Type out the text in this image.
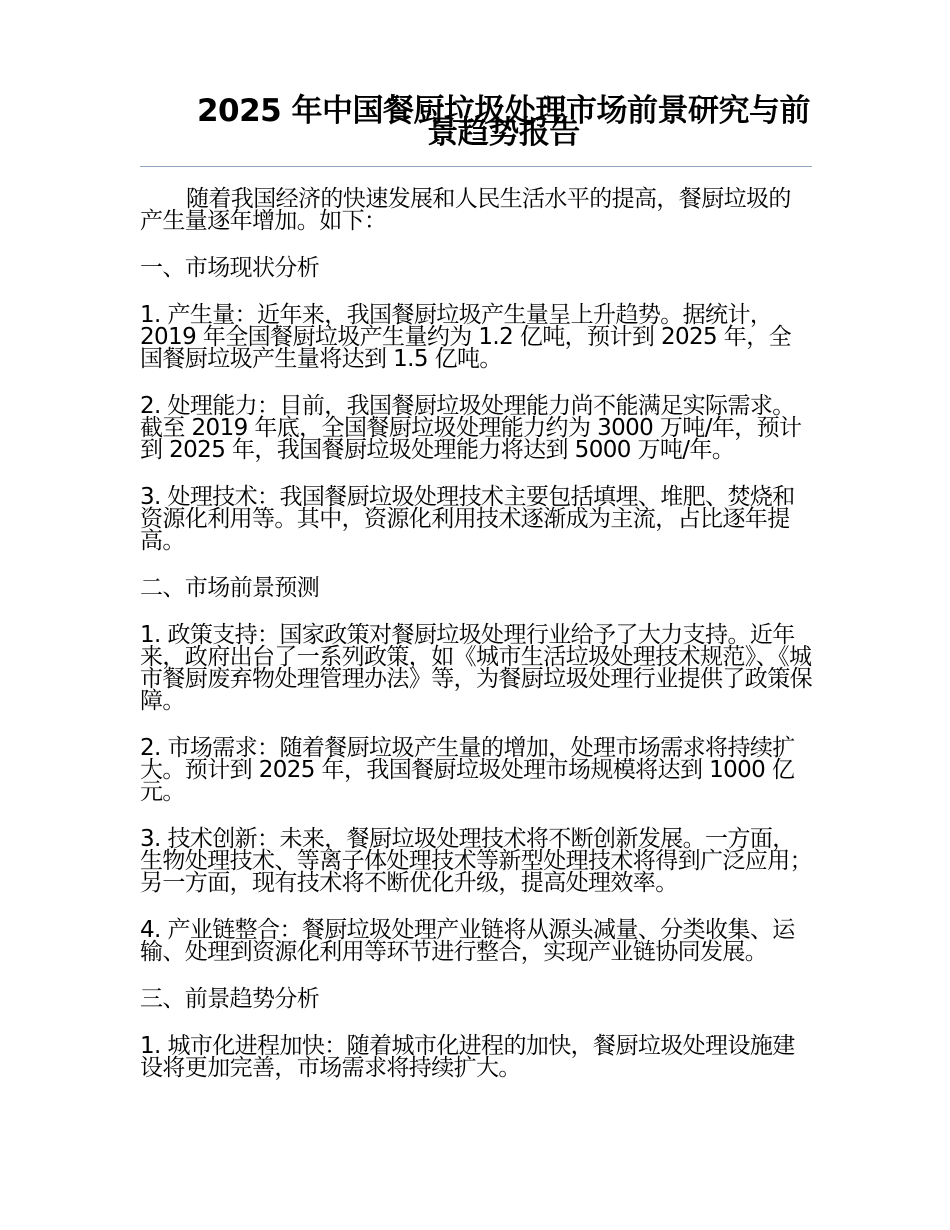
2025 年中国餐厨垃圾处理市场前景研究与前景趋势报告

随着我国经济的快速发展和人民生活水平的提高，餐厨垃圾的产生量逐年增加。如下：

一、市场现状分析

1. 产生量：近年来，我国餐厨垃圾产生量呈上升趋势。据统计，2019 年全国餐厨垃圾产生量约为 1.2 亿吨，预计到 2025 年，全国餐厨垃圾产生量将达到 1.5 亿吨。

2. 处理能力：目前，我国餐厨垃圾处理能力尚不能满足实际需求。截至 2019 年底，全国餐厨垃圾处理能力约为 3000 万吨/年，预计到 2025 年，我国餐厨垃圾处理能力将达到 5000 万吨/年。

3. 处理技术：我国餐厨垃圾处理技术主要包括填埋、堆肥、焚烧和资源化利用等。其中，资源化利用技术逐渐成为主流，占比逐年提高。

二、市场前景预测

1. 政策支持：国家政策对餐厨垃圾处理行业给予了大力支持。近年来，政府出台了一系列政策，如《城市生活垃圾处理技术规范》、《城市餐厨废弃物处理管理办法》等，为餐厨垃圾处理行业提供了政策保障。

2. 市场需求：随着餐厨垃圾产生量的增加，处理市场需求将持续扩大。预计到 2025 年，我国餐厨垃圾处理市场规模将达到 1000 亿元。

3. 技术创新：未来，餐厨垃圾处理技术将不断创新发展。一方面，生物处理技术、等离子体处理技术等新型处理技术将得到广泛应用；另一方面，现有技术将不断优化升级，提高处理效率。

4. 产业链整合：餐厨垃圾处理产业链将从源头减量、分类收集、运输、处理到资源化利用等环节进行整合，实现产业链协同发展。

三、前景趋势分析

1. 城市化进程加快：随着城市化进程的加快，餐厨垃圾处理设施建设将更加完善，市场需求将持续扩大。
